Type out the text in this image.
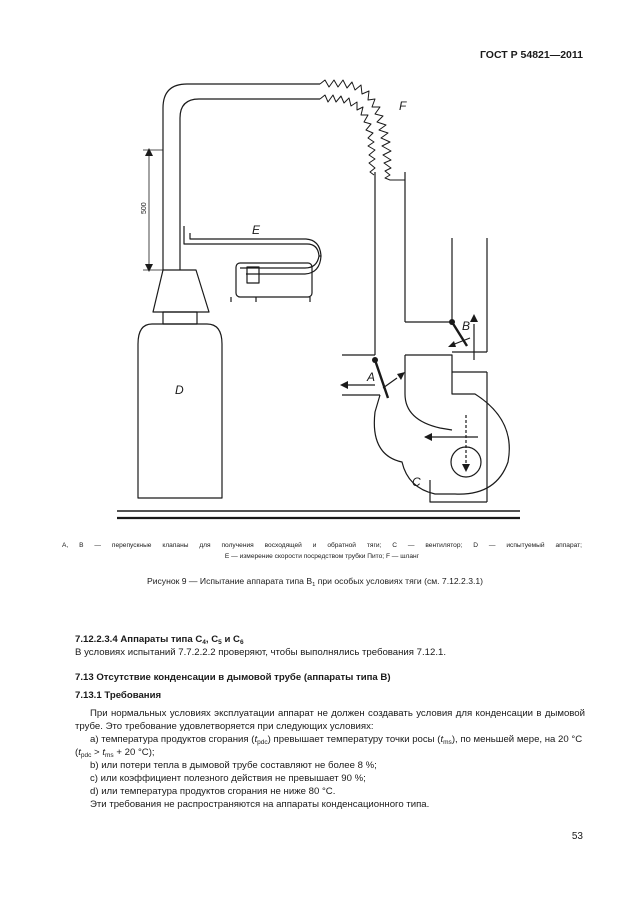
ГОСТ Р 54821—2011
F
E
B
A
D
C
500
A, B — перепускные клапаны для получения восходящей и обратной тяги; C — вентилятор; D — испытуемый аппарат;
E — измерение скорости посредством трубки Пито; F — шланг
Рисунок 9 — Испытание аппарата типа $B_1$ при особых условиях тяги (см. 7.12.2.3.1)

7.12.2.3.4 Аппараты типа $C_4$, $C_5$ и $C_6$

В условиях испытаний 7.7.2.2.2 проверяют, чтобы выполнялись требования 7.12.1.

7.13 Отсутствие конденсации в дымовой трубе (аппараты типа B)

7.13.1 Требования

При нормальных условиях эксплуатации аппарат не должен создавать условия для конденсации в дымовой трубе. Это требование удовлетворяется при следующих условиях:

a) температура продуктов сгорания $(t_{pdc})$ превышает температуру точки росы $(t_{ms})$, по меньшей мере, на 20 °C ($t_{pdc} > t_{ms} + 20$ °C);

b) или потери тепла в дымовой трубе составляют не более 8 %;

c) или коэффициент полезного действия не превышает 90 %;

d) или температура продуктов сгорания не ниже 80 °C.

Эти требования не распространяются на аппараты конденсационного типа.

53
